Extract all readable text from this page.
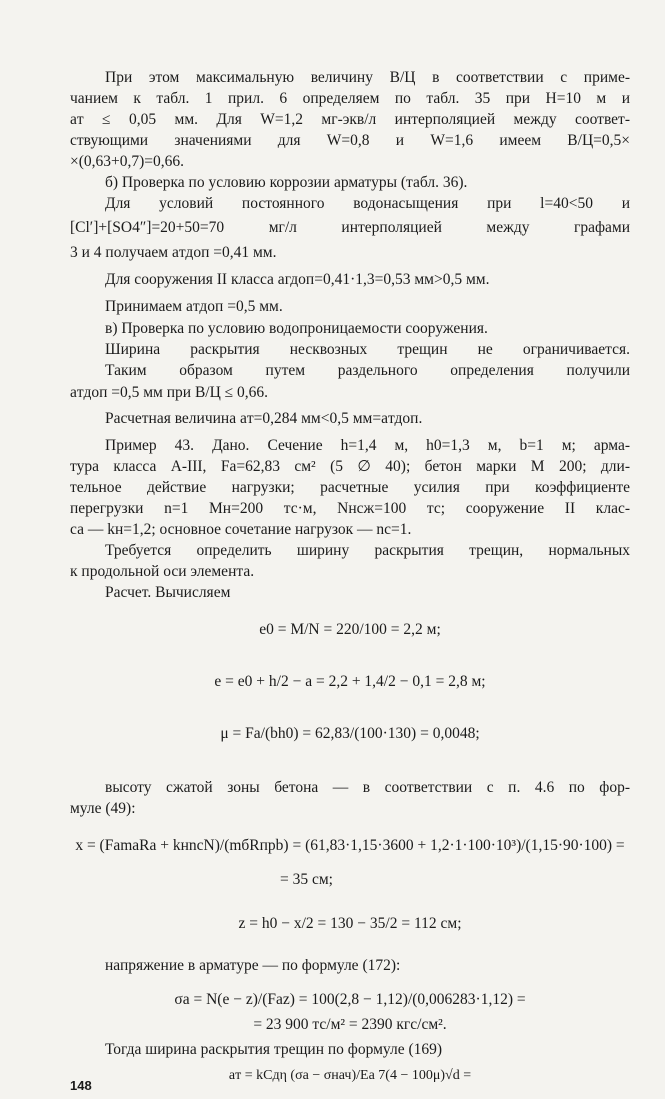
При этом максимальную величину В/Ц в соответствии с приме-
чанием к табл. 1 прил. 6 определяем по табл. 35 при Н=10 м и
aт ≤ 0,05 мм. Для W=1,2 мг-экв/л интерполяцией между соответ-
ствующими значениями для W=0,8 и W=1,6 имеем В/Ц=0,5×
×(0,63+0,7)=0,66.
б) Проверка по условию коррозии арматуры (табл. 36).
Для условий постоянного водонасыщения при l=40<50 и
[Cl′]+[SO4″]=20+50=70 мг/л интерполяцией между графами
3 и 4 получаем aтдоп =0,41 мм.
Для сооружения II класса aгдоп=0,41·1,3=0,53 мм>0,5 мм.
Принимаем aтдоп =0,5 мм.
в) Проверка по условию водопроницаемости сооружения.
Ширина раскрытия несквозных трещин не ограничивается.
Таким образом путем раздельного определения получили
aтдоп =0,5 мм при В/Ц ≤ 0,66.
Расчетная величина aт=0,284 мм<0,5 мм=aтдоп.
Пример 43. Дано. Сечение h=1,4 м, h0=1,3 м, b=1 м; арма-
тура класса А-III, Fa=62,83 см² (5 ∅ 40); бетон марки М 200; дли-
тельное действие нагрузки; расчетные усилия при коэффициенте
перегрузки n=1 Мн=200 тс·м, Nнсж=100 тс; сооружение II клас-
са — kн=1,2; основное сочетание нагрузок — nс=1.
Требуется определить ширину раскрытия трещин, нормальных
к продольной оси элемента.
Расчет. Вычисляем
e0 = M/N = 220/100 = 2,2 м;
e = e0 + h/2 − a = 2,2 + 1,4/2 − 0,1 = 2,8 м;
μ = Fa/(bh0) = 62,83/(100·130) = 0,0048;
высоту сжатой зоны бетона — в соответствии с п. 4.6 по фор-
муле (49):
x = (FamaRa + kнncN)/(mбRпрb) = (61,83·1,15·3600 + 1,2·1·100·10³)/(1,15·90·100) =
= 35 см;
z = h0 − x/2 = 130 − 35/2 = 112 см;
напряжение в арматуре — по формуле (172):
σa = N(e − z)/(Faz) = 100(2,8 − 1,12)/(0,006283·1,12) =
= 23 900 тс/м² = 2390 кгс/см².
Тогда ширина раскрытия трещин по формуле (169)
aт = kCдη (σa − σнач)/Ea 7(4 − 100μ)√d =
148
